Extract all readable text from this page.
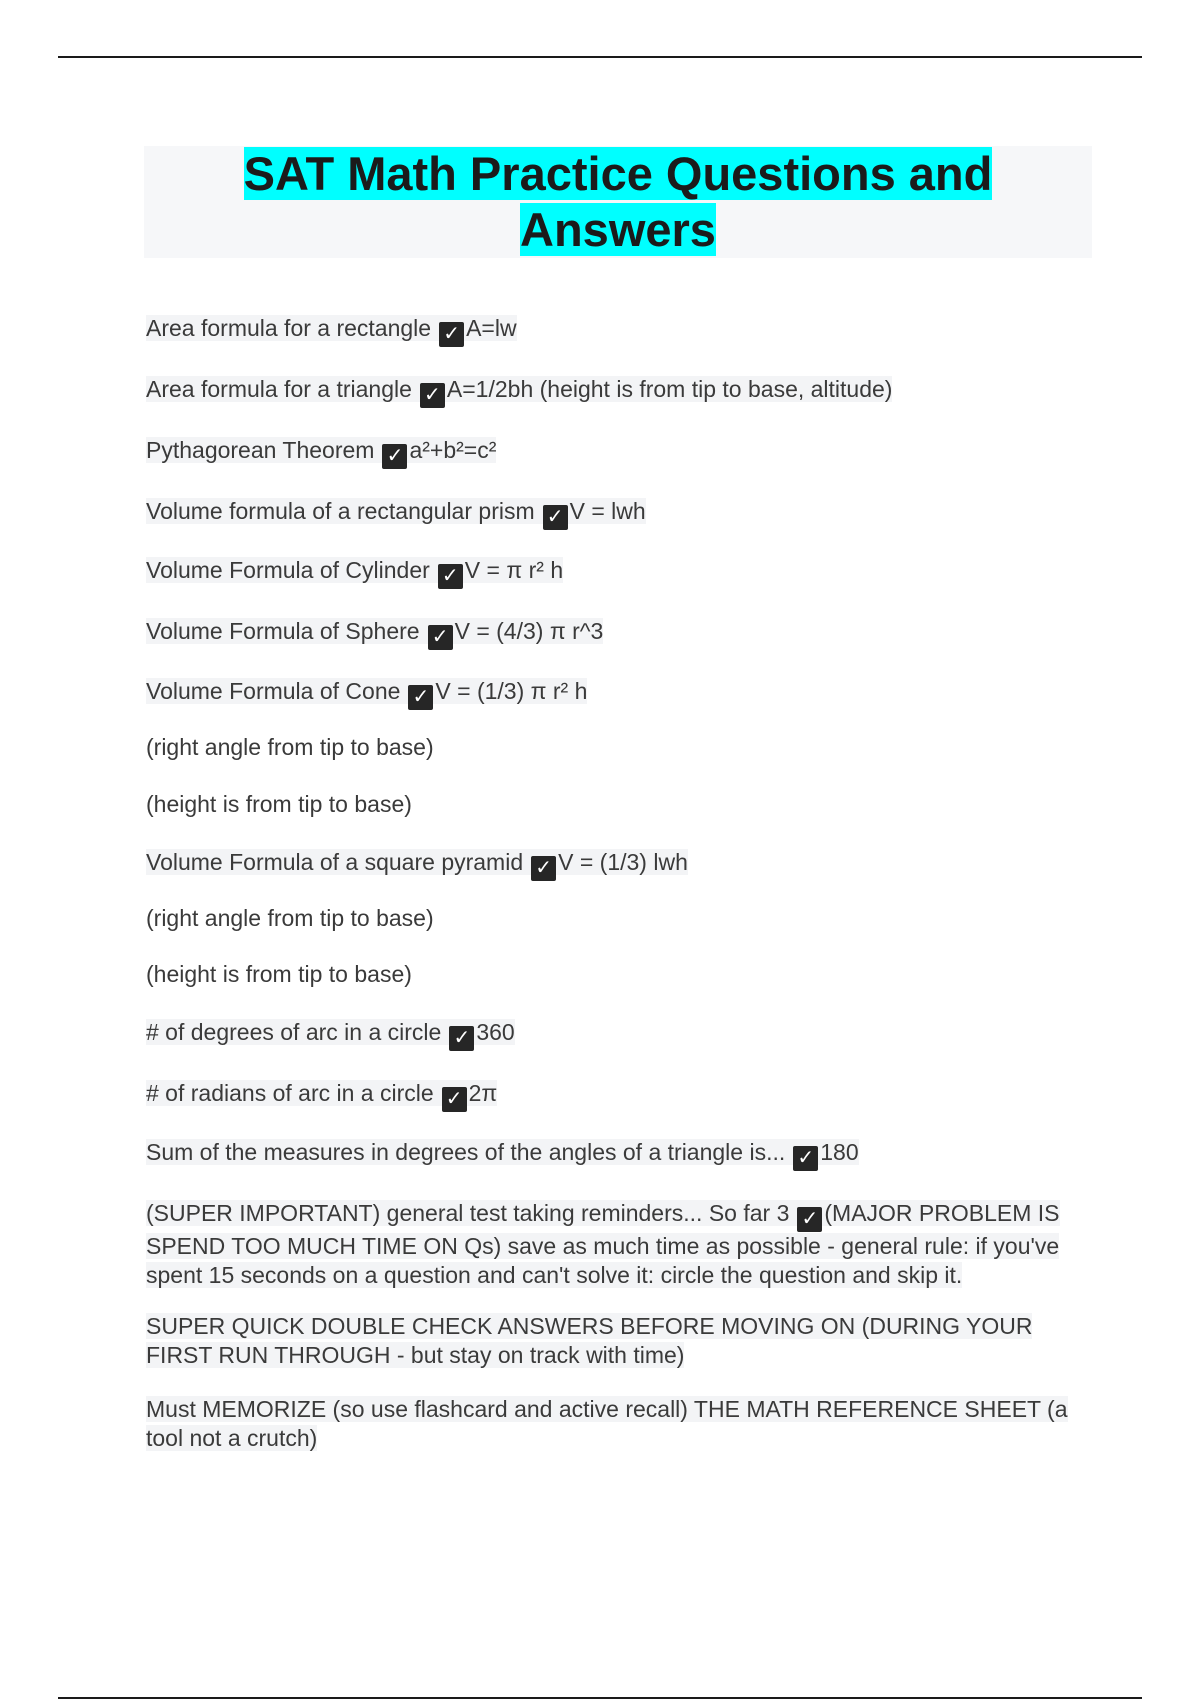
SAT Math Practice Questions and Answers
Area formula for a rectangle ✓ A=lw
Area formula for a triangle ✓ A=1/2bh (height is from tip to base, altitude)
Pythagorean Theorem ✓ a²+b²=c²
Volume formula of a rectangular prism ✓ V = lwh
Volume Formula of Cylinder ✓ V = π r² h
Volume Formula of Sphere ✓ V = (4/3) π r^3
Volume Formula of Cone ✓ V = (1/3) π r² h
(right angle from tip to base)
(height is from tip to base)
Volume Formula of a square pyramid ✓ V = (1/3) lwh
(right angle from tip to base)
(height is from tip to base)
# of degrees of arc in a circle ✓ 360
# of radians of arc in a circle ✓ 2π
Sum of the measures in degrees of the angles of a triangle is... ✓ 180
(SUPER IMPORTANT) general test taking reminders... So far 3 ✓ (MAJOR PROBLEM IS SPEND TOO MUCH TIME ON Qs) save as much time as possible - general rule: if you've spent 15 seconds on a question and can't solve it: circle the question and skip it.
SUPER QUICK DOUBLE CHECK ANSWERS BEFORE MOVING ON (DURING YOUR FIRST RUN THROUGH - but stay on track with time)
Must MEMORIZE (so use flashcard and active recall) THE MATH REFERENCE SHEET (a tool not a crutch)
